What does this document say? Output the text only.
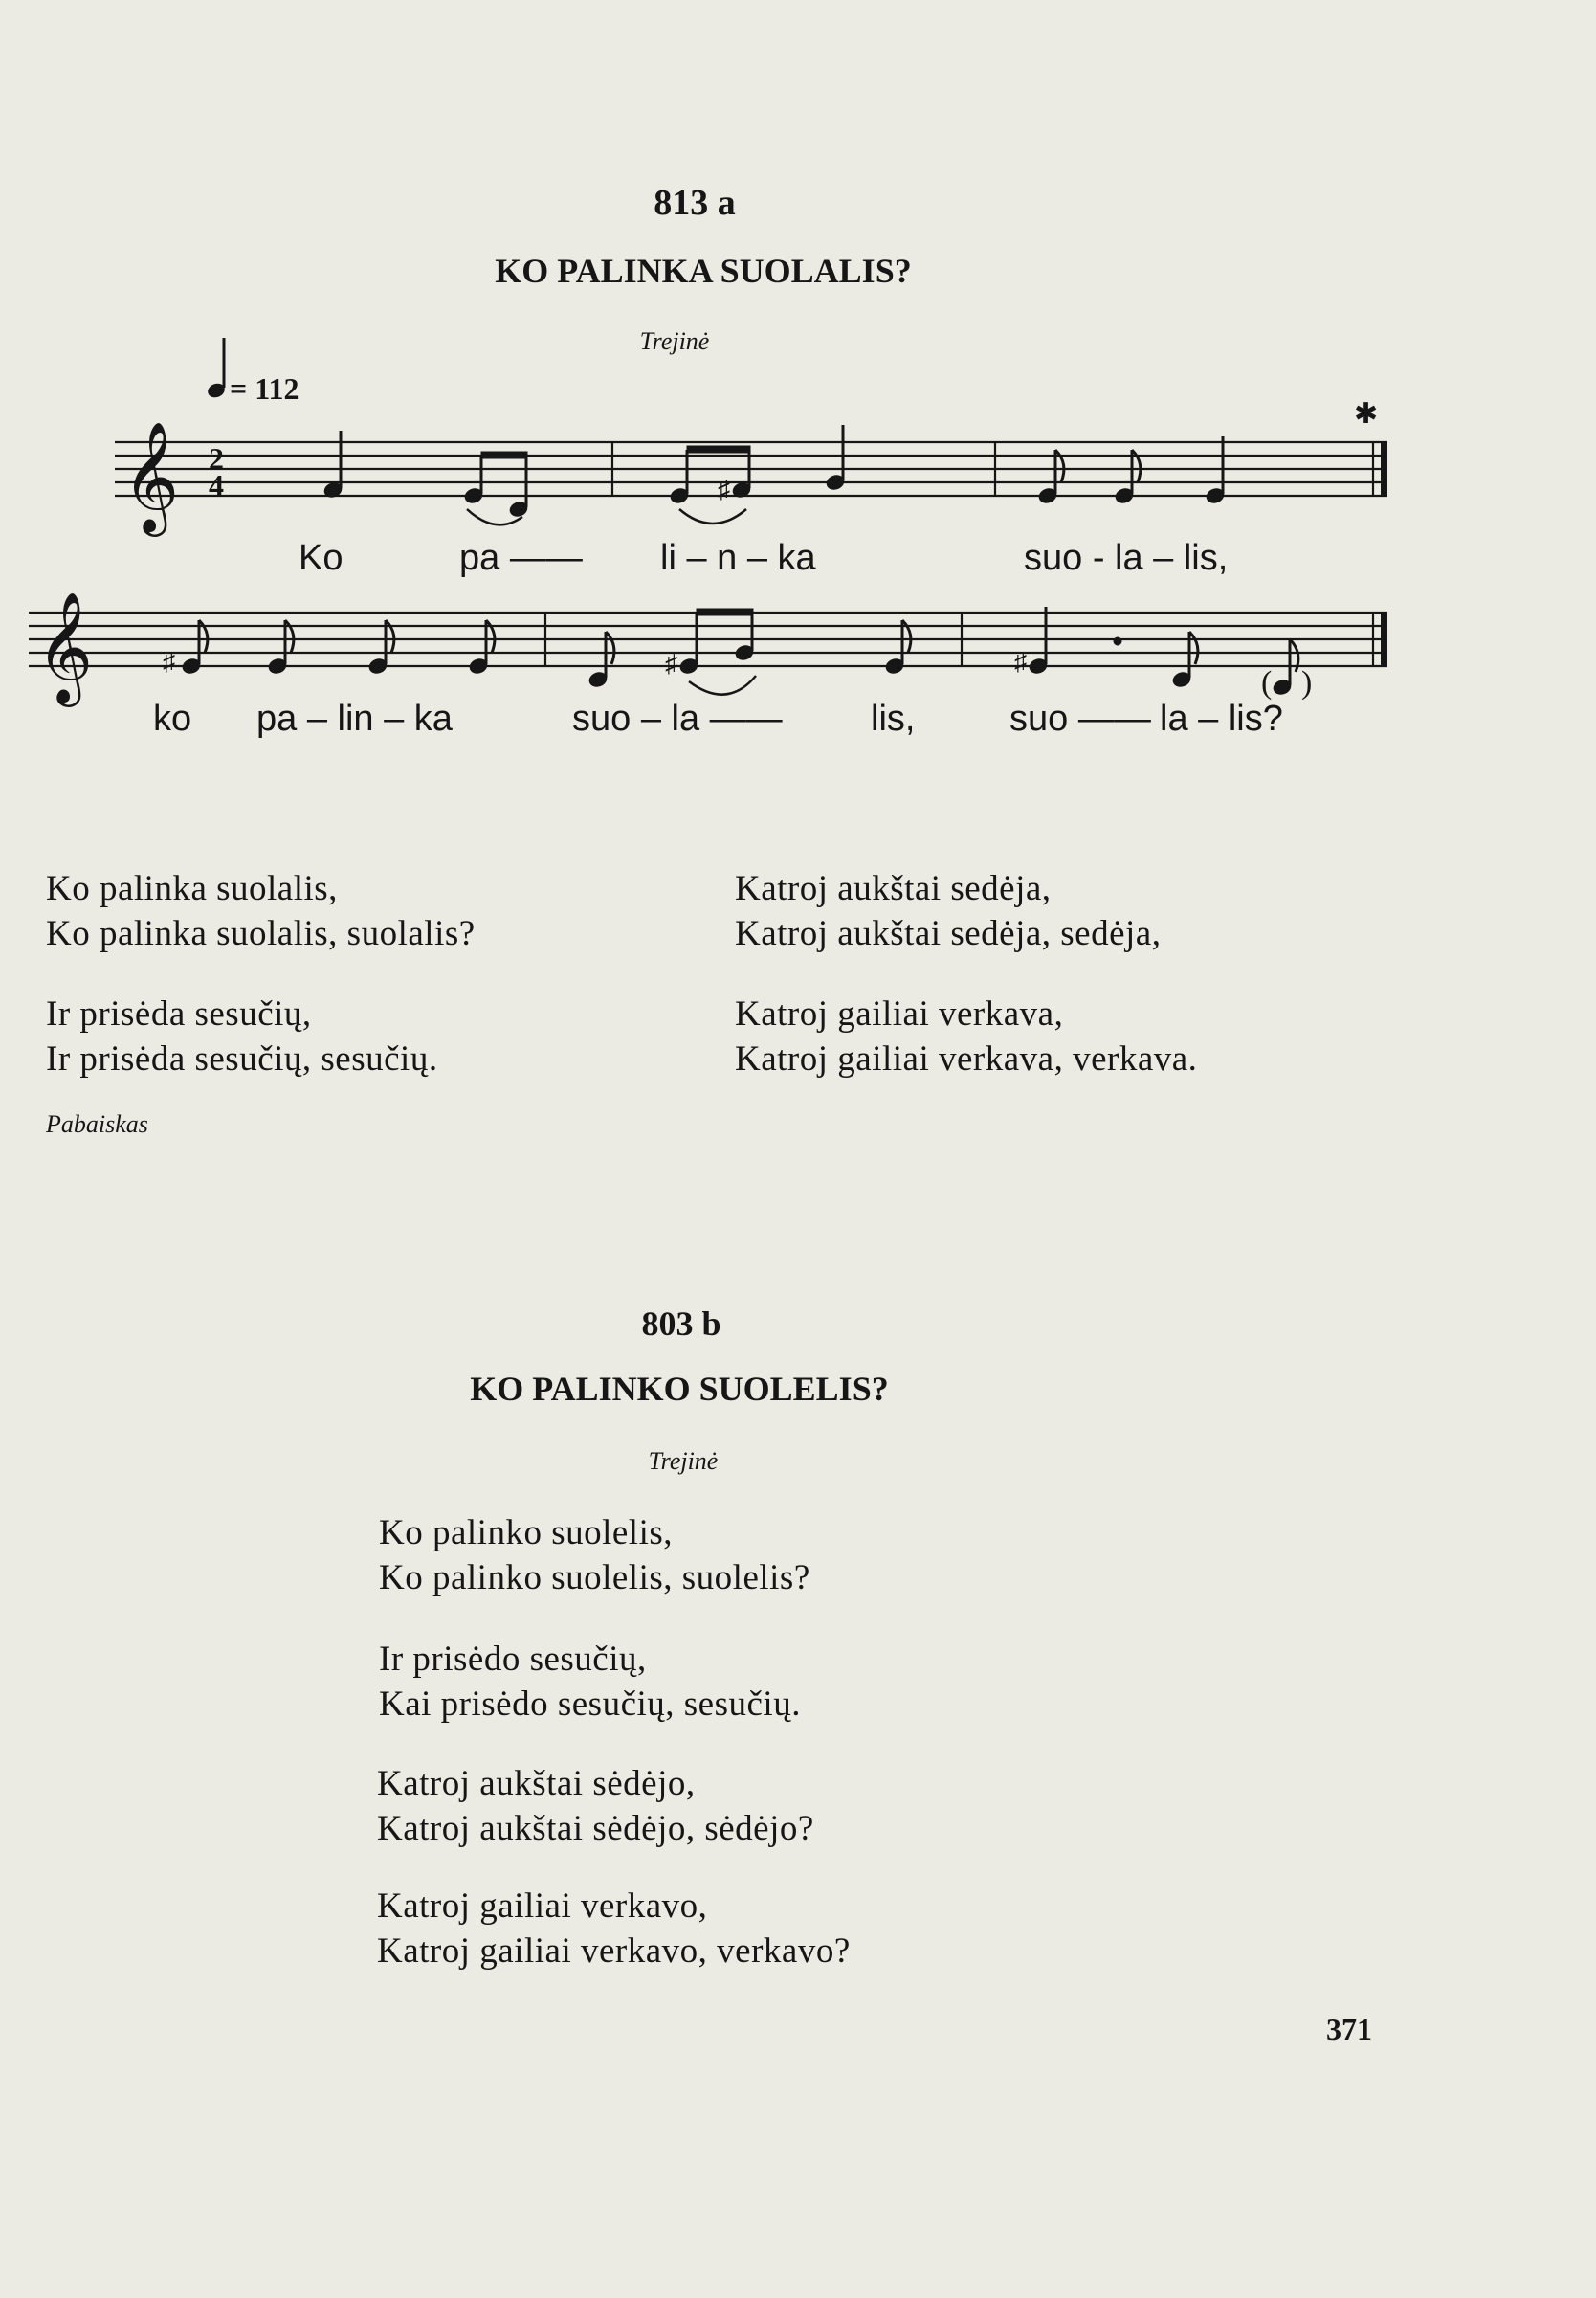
813 a
KO PALINKA SUOLALIS?
Trejinė
= 112
𝄞 2
4	♯
✱
Ko	pa —— li – n – ka	suo - la – lis,
𝄞	♯	♯	♯
( )
ko pa – lin – ka	suo – la —— lis,	suo —— la – lis?
Ko palinka suolalis,
Ko palinka suolalis, suolalis?
Ir prisėda sesučių,
Ir prisėda sesučių, sesučių.
Katroj aukštai sedėja,
Katroj aukštai sedėja, sedėja,
Katroj gailiai verkava,
Katroj gailiai verkava, verkava.
Pabaiskas
803 b
KO PALINKO SUOLELIS?
Trejinė
Ko palinko suolelis,
Ko palinko suolelis, suolelis?
Ir prisėdo sesučių,
Kai prisėdo sesučių, sesučių.
Katroj aukštai sėdėjo,
Katroj aukštai sėdėjo, sėdėjo?
Katroj gailiai verkavo,
Katroj gailiai verkavo, verkavo?
371
